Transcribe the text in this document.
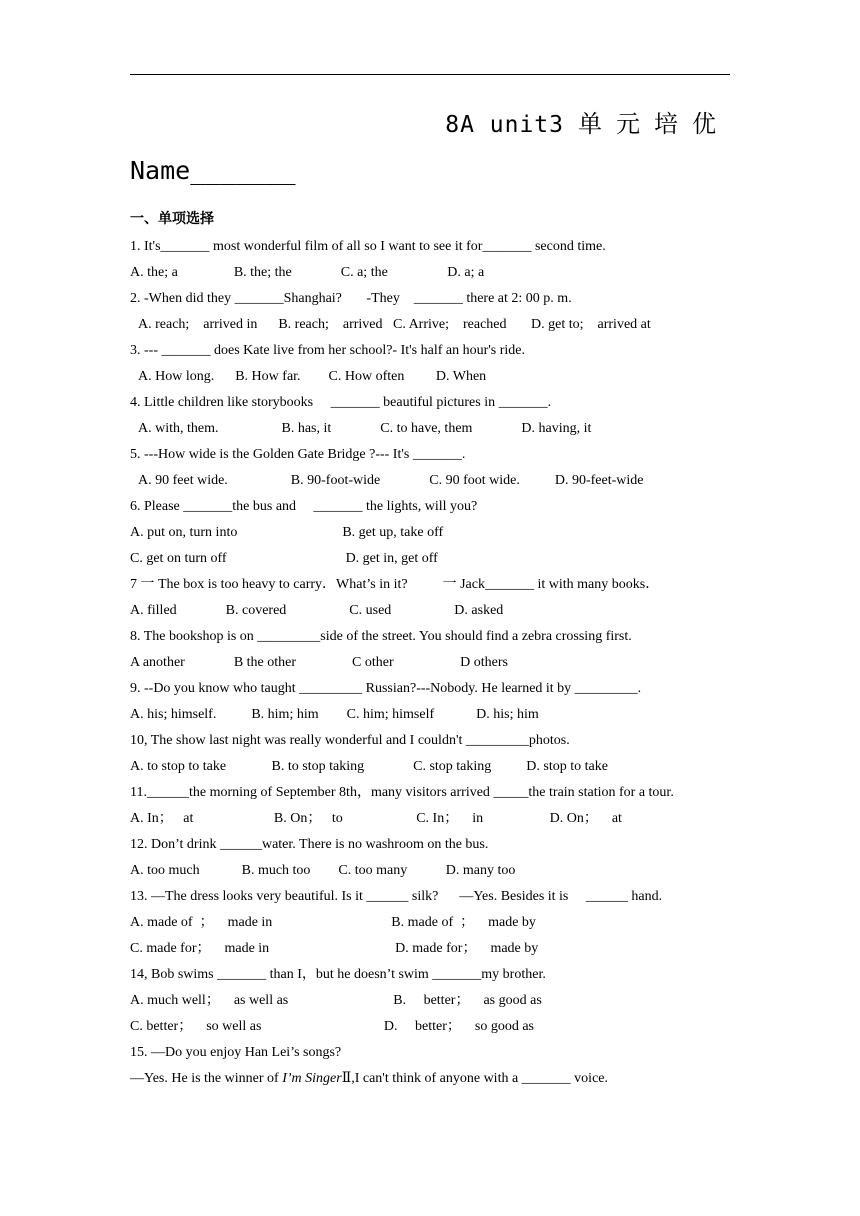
8A unit3 单元培优
Name_______
一、单项选择
1. It's_______ most wonderful film of all so I want to see it for_______ second time.
A. the; a                B. the; the              C. a; the                 D. a; a
2. -When did they _______Shanghai?       -They    _______ there at 2: 00 p. m.
A. reach;    arrived in      B. reach;    arrived   C. Arrive;    reached       D. get to;    arrived at
3. --- _______ does Kate live from her school?- It's half an hour's ride.
A. How long.      B. How far.        C. How often         D. When
4. Little children like storybooks     _______ beautiful pictures in _______.
A. with, them.                  B. has, it              C. to have, them              D. having, it
5. ---How wide is the Golden Gate Bridge ?--- It's _______.
A. 90 feet wide.                  B. 90-foot-wide              C. 90 foot wide.          D. 90-feet-wide
6. Please _______the bus and     _______ the lights, will you?
A. put on, turn into                              B. get up, take off
C. get on turn off                                  D. get in, get off
7 一 The box is too heavy to carry．What’s in it?          一 Jack_______ it with many books．
A. filled              B. covered                  C. used                  D. asked
8. The bookshop is on _________side of the street. You should find a zebra crossing first.
A another              B the other                C other                   D others
9. --Do you know who taught _________ Russian?---Nobody. He learned it by _________.
A. his; himself.          B. him; him        C. him; himself            D. his; him
10, The show last night was really wonderful and I couldn't _________photos.
A. to stop to take             B. to stop taking              C. stop taking          D. stop to take
11.______the morning of September 8th，many visitors arrived _____the train station for a tour.
A. In；   at                       B. On；   to                     C. In；    in                   D. On；    at
12. Don’t drink ______water. There is no washroom on the bus.
A. too much            B. much too        C. too many           D. many too
13. —The dress looks very beautiful. Is it ______ silk?      —Yes. Besides it is     ______ hand.
A. made of  ；    made in                                  B. made of  ；    made by
C. made for；    made in                                    D. made for；    made by
14, Bob swims _______ than I，but he doesn’t swim _______my brother.
A. much well；    as well as                              B.     better；    as good as
C. better；    so well as                                   D.     better；    so good as
15. —Do you enjoy Han Lei’s songs?
—Yes. He is the winner of I’m SingerⅡ,I can't think of anyone with a _______ voice.
